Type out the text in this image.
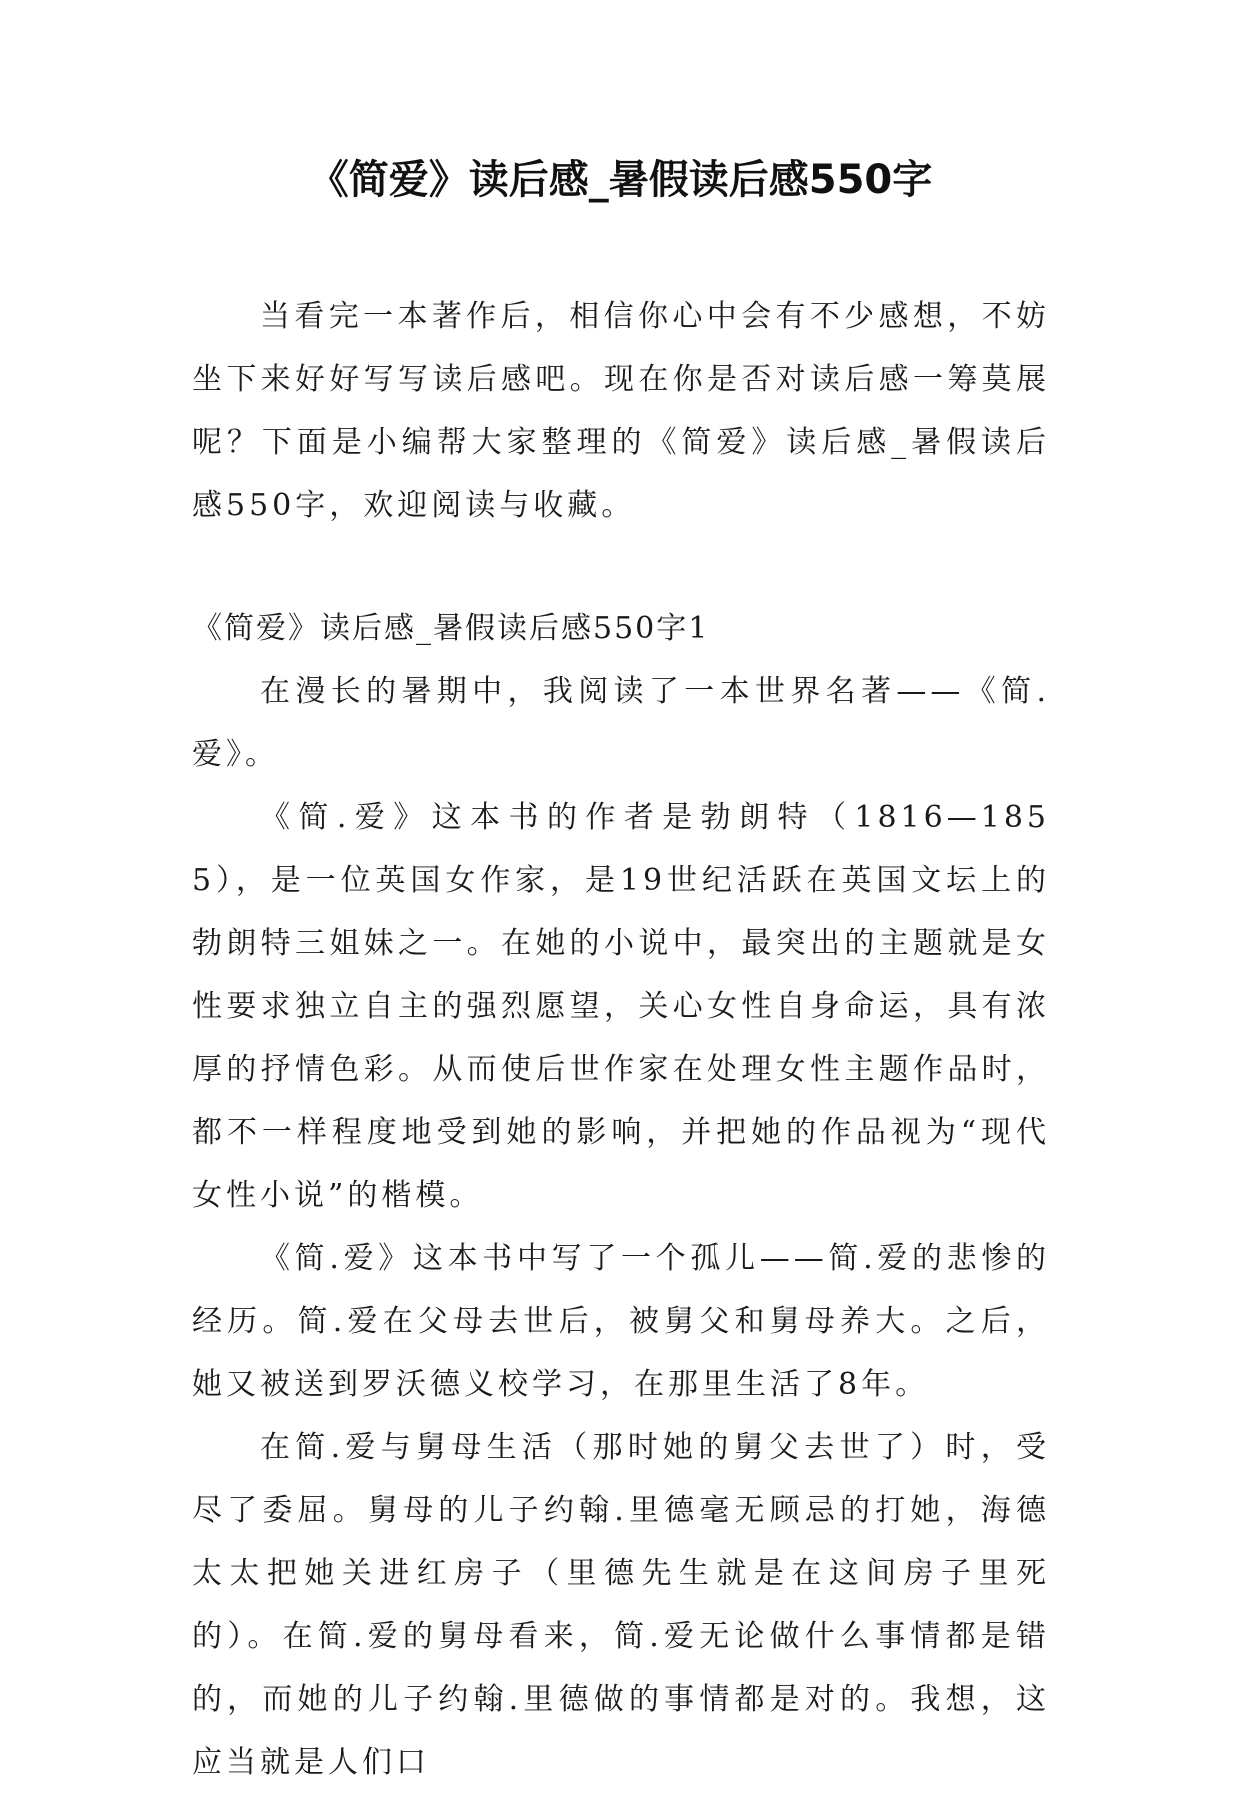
《简爱》读后感_暑假读后感550字

当看完一本著作后，相信你心中会有不少感想，不妨坐下来好好写写读后感吧。现在你是否对读后感一筹莫展呢？下面是小编帮大家整理的《简爱》读后感_暑假读后感550字，欢迎阅读与收藏。

《简爱》读后感_暑假读后感550字1

在漫长的暑期中，我阅读了一本世界名著——《简.爱》。

《简.爱》这本书的作者是勃朗特（1816—1855），是一位英国女作家，是19世纪活跃在英国文坛上的勃朗特三姐妹之一。在她的小说中，最突出的主题就是女性要求独立自主的强烈愿望，关心女性自身命运，具有浓厚的抒情色彩。从而使后世作家在处理女性主题作品时，都不一样程度地受到她的影响，并把她的作品视为“现代女性小说”的楷模。

《简.爱》这本书中写了一个孤儿——简.爱的悲惨的经历。简.爱在父母去世后，被舅父和舅母养大。之后，她又被送到罗沃德义校学习，在那里生活了8年。

在简.爱与舅母生活（那时她的舅父去世了）时，受尽了委屈。舅母的儿子约翰.里德毫无顾忌的打她，海德太太把她关进红房子（里德先生就是在这间房子里死的）。在简.爱的舅母看来，简.爱无论做什么事情都是错的，而她的儿子约翰.里德做的事情都是对的。我想，这应当就是人们口
